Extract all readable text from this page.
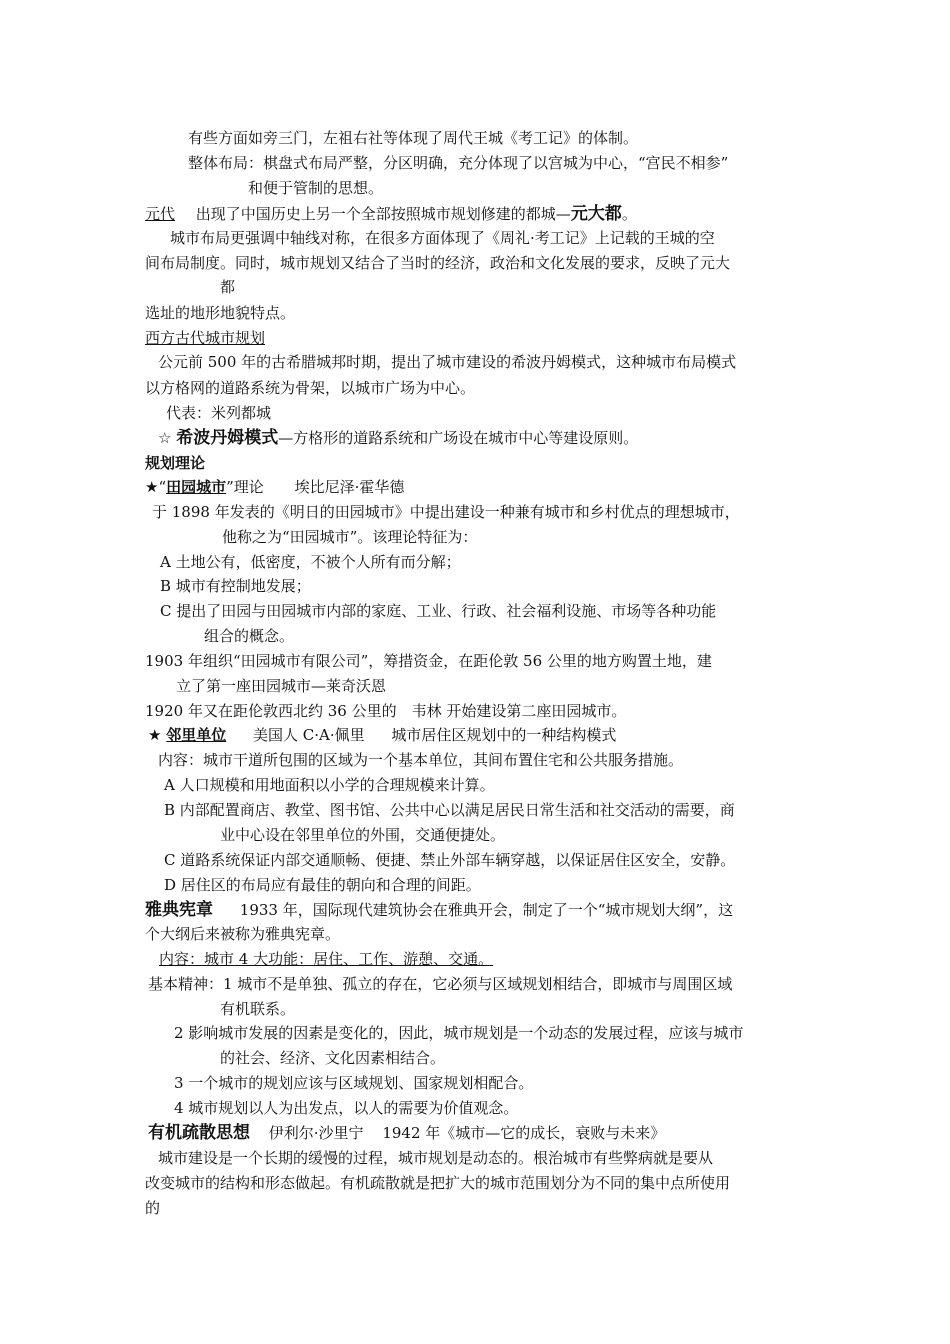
有些方面如旁三门，左祖右社等体现了周代王城《考工记》的体制。
整体布局：棋盘式布局严整，分区明确，充分体现了以宫城为中心，“宫民不相参”
和便于管制的思想。
元代 出现了中国历史上另一个全部按照城市规划修建的都城—元大都。
城市布局更强调中轴线对称，在很多方面体现了《周礼·考工记》上记载的王城的空
间布局制度。同时，城市规划又结合了当时的经济，政治和文化发展的要求，反映了元大
都
选址的地形地貌特点。
西方古代城市规划
公元前 500 年的古希腊城邦时期，提出了城市建设的希波丹姆模式，这种城市布局模式
以方格网的道路系统为骨架，以城市广场为中心。
代表：米列都城
☆ 希波丹姆模式—方格形的道路系统和广场设在城市中心等建设原则。
规划理论
★“田园城市”理论 埃比尼泽·霍华德
于 1898 年发表的《明日的田园城市》中提出建设一种兼有城市和乡村优点的理想城市，
他称之为“田园城市”。该理论特征为：
A 土地公有，低密度，不被个人所有而分解；
B 城市有控制地发展；
C 提出了田园与田园城市内部的家庭、工业、行政、社会福利设施、市场等各种功能
组合的概念。
1903 年组织“田园城市有限公司”，筹措资金，在距伦敦 56 公里的地方购置土地，建
立了第一座田园城市—莱奇沃恩
1920 年又在距伦敦西北约 36 公里的　韦林 开始建设第二座田园城市。
★ 邻里单位 美国人 C·A·佩里 城市居住区规划中的一种结构模式
内容：城市干道所包围的区域为一个基本单位，其间布置住宅和公共服务措施。
A 人口规模和用地面积以小学的合理规模来计算。
B 内部配置商店、教堂、图书馆、公共中心以满足居民日常生活和社交活动的需要，商
业中心设在邻里单位的外围，交通便捷处。
C 道路系统保证内部交通顺畅、便捷、禁止外部车辆穿越，以保证居住区安全，安静。
D 居住区的布局应有最佳的朝向和合理的间距。
雅典宪章 1933 年，国际现代建筑协会在雅典开会，制定了一个“城市规划大纲”，这
个大纲后来被称为雅典宪章。
内容：城市 4 大功能：居住、工作、游憩、交通。
基本精神：1 城市不是单独、孤立的存在，它必须与区域规划相结合，即城市与周围区域
有机联系。
2 影响城市发展的因素是变化的，因此，城市规划是一个动态的发展过程，应该与城市
的社会、经济、文化因素相结合。
3 一个城市的规划应该与区域规划、国家规划相配合。
4 城市规划以人为出发点，以人的需要为价值观念。
有机疏散思想 伊利尔·沙里宁 1942 年《城市—它的成长，衰败与未来》
城市建设是一个长期的缓慢的过程，城市规划是动态的。根治城市有些弊病就是要从
改变城市的结构和形态做起。有机疏散就是把扩大的城市范围划分为不同的集中点所使用
的
